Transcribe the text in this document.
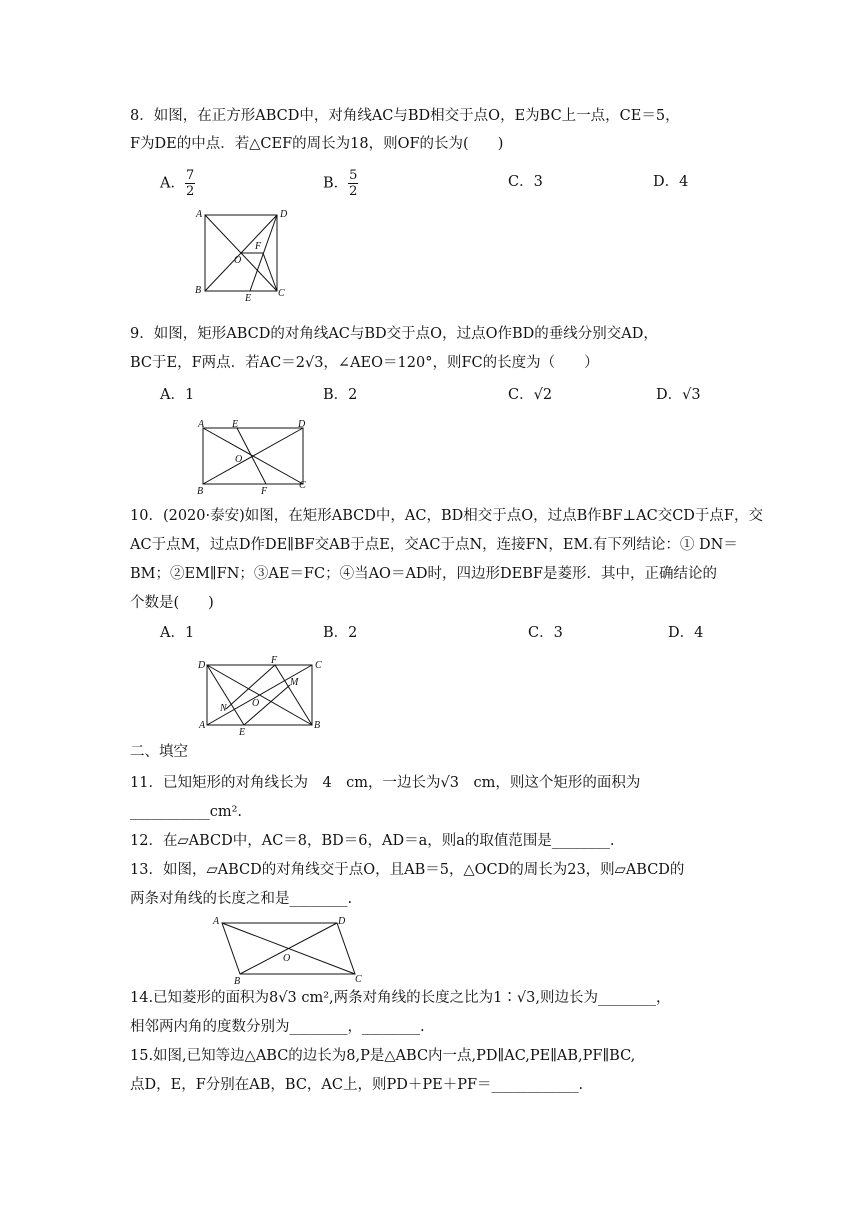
8．如图，在正方形ABCD中，对角线AC与BD相交于点O，E为BC上一点，CE＝5，
F为DE的中点．若△CEF的周长为18，则OF的长为(　　)
A． $\frac{7}{2}$	B． $\frac{5}{2}$	C．3	D．4
A	D
B	C
O
F
E
9．如图，矩形ABCD的对角线AC与BD交于点O，过点O作BD的垂线分别交AD，
BC于E，F两点．若AC＝2√3，∠AEO＝120°，则FC的长度为（　　）
A．1	B．2	C．√2	D．√3
A	E	D
O
B	F
C
10．(2020·泰安)如图，在矩形ABCD中，AC，BD相交于点O，过点B作BF⊥AC交CD于点F，交
AC于点M，过点D作DE∥BF交AB于点E，交AC于点N，连接FN，EM.有下列结论：① DN＝
BM；②EM∥FN；③AE＝FC；④当AO＝AD时，四边形DEBF是菱形．其中，正确结论的
个数是(　　)
A．1	B．2	C．3	D．4
D	F	C
M
O
N
A
E
B
二、填空
11．已知矩形的对角线长为　4　cm，一边长为√3　cm，则这个矩形的面积为
___________cm².
12．在▱ABCD中，AC＝8，BD＝6，AD＝a，则a的取值范围是________.
13．如图，▱ABCD的对角线交于点O，且AB＝5，△OCD的周长为23，则▱ABCD的
两条对角线的长度之和是________.
A	D
O
B	C
14.已知菱形的面积为8√3 cm²,两条对角线的长度之比为1∶√3,则边长为________，
相邻两内角的度数分别为________，________.
15.如图,已知等边△ABC的边长为8,P是△ABC内一点,PD∥AC,PE∥AB,PF∥BC,
点D，E，F分别在AB，BC，AC上，则PD＋PE＋PF＝____________.
